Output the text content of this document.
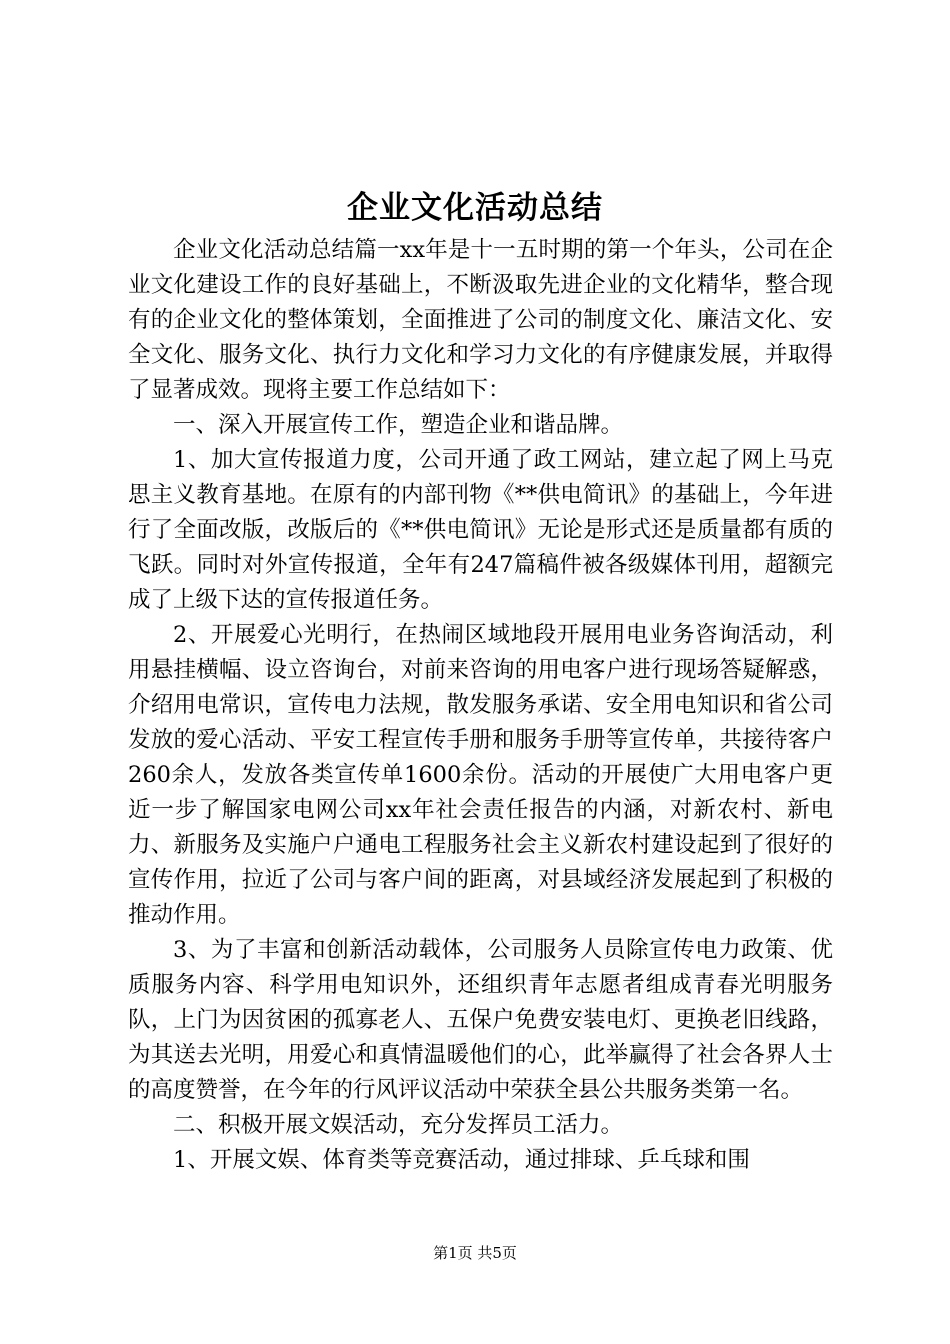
企业文化活动总结

企业文化活动总结篇一xx年是十一五时期的第一个年头，公司在企业文化建设工作的良好基础上，不断汲取先进企业的文化精华，整合现有的企业文化的整体策划，全面推进了公司的制度文化、廉洁文化、安全文化、服务文化、执行力文化和学习力文化的有序健康发展，并取得了显著成效。现将主要工作总结如下：

一、深入开展宣传工作，塑造企业和谐品牌。

1、加大宣传报道力度，公司开通了政工网站，建立起了网上马克思主义教育基地。在原有的内部刊物《**供电简讯》的基础上，今年进行了全面改版，改版后的《**供电简讯》无论是形式还是质量都有质的飞跃。同时对外宣传报道，全年有247篇稿件被各级媒体刊用，超额完成了上级下达的宣传报道任务。

2、开展爱心光明行，在热闹区域地段开展用电业务咨询活动，利用悬挂横幅、设立咨询台，对前来咨询的用电客户进行现场答疑解惑，介绍用电常识，宣传电力法规，散发服务承诺、安全用电知识和省公司发放的爱心活动、平安工程宣传手册和服务手册等宣传单，共接待客户260余人，发放各类宣传单1600余份。活动的开展使广大用电客户更近一步了解国家电网公司xx年社会责任报告的内涵，对新农村、新电力、新服务及实施户户通电工程服务社会主义新农村建设起到了很好的宣传作用，拉近了公司与客户间的距离，对县域经济发展起到了积极的推动作用。

3、为了丰富和创新活动载体，公司服务人员除宣传电力政策、优质服务内容、科学用电知识外，还组织青年志愿者组成青春光明服务队，上门为因贫困的孤寡老人、五保户免费安装电灯、更换老旧线路，为其送去光明，用爱心和真情温暖他们的心，此举赢得了社会各界人士的高度赞誉，在今年的行风评议活动中荣获全县公共服务类第一名。

二、积极开展文娱活动，充分发挥员工活力。

1、开展文娱、体育类等竞赛活动，通过排球、乒乓球和围

第1页 共5页
